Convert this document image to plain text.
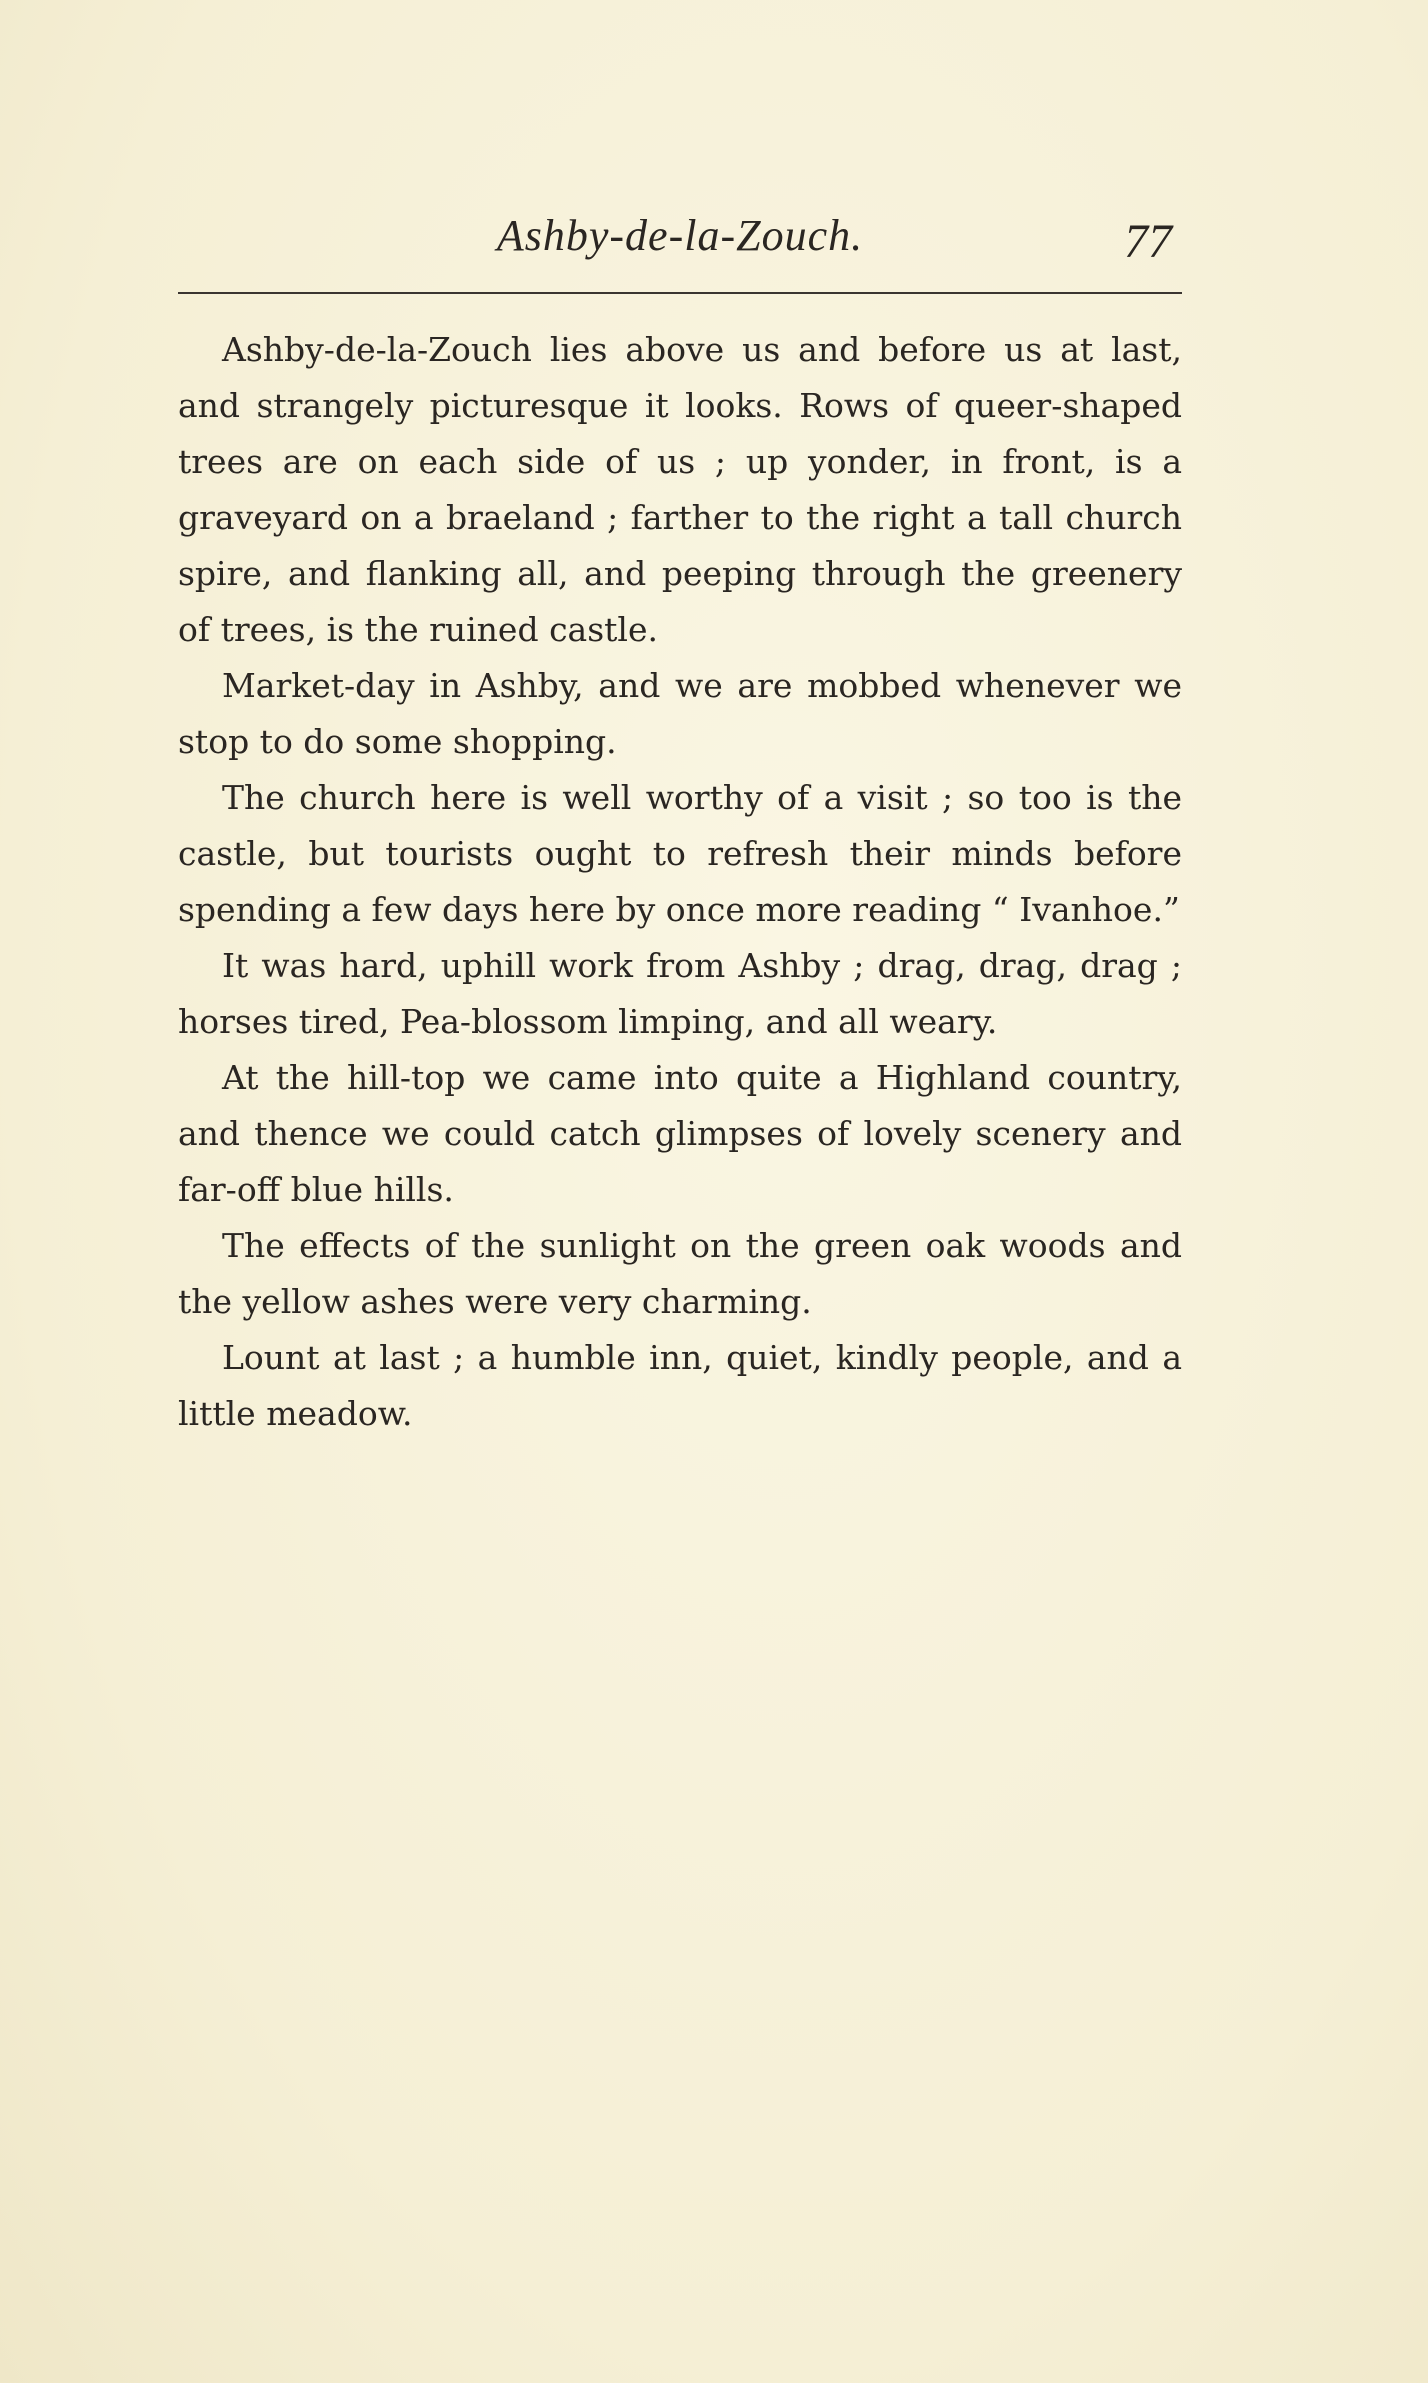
Ashby-de-la-Zouch.	77

Ashby-de-la-Zouch lies above us and before us at last, and strangely picturesque it looks. Rows of queer-shaped trees are on each side of us ; up yonder, in front, is a graveyard on a braeland ; farther to the right a tall church spire, and flanking all, and peeping through the greenery of trees, is the ruined castle.

Market-day in Ashby, and we are mobbed whenever we stop to do some shopping.

The church here is well worthy of a visit ; so too is the castle, but tourists ought to refresh their minds before spending a few days here by once more reading “ Ivanhoe.”

It was hard, uphill work from Ashby ; drag, drag, drag ; horses tired, Pea-blossom limping, and all weary.

At the hill-top we came into quite a Highland country, and thence we could catch glimpses of lovely scenery and far-off blue hills.

The effects of the sunlight on the green oak woods and the yellow ashes were very charming.

Lount at last ; a humble inn, quiet, kindly people, and a little meadow.
